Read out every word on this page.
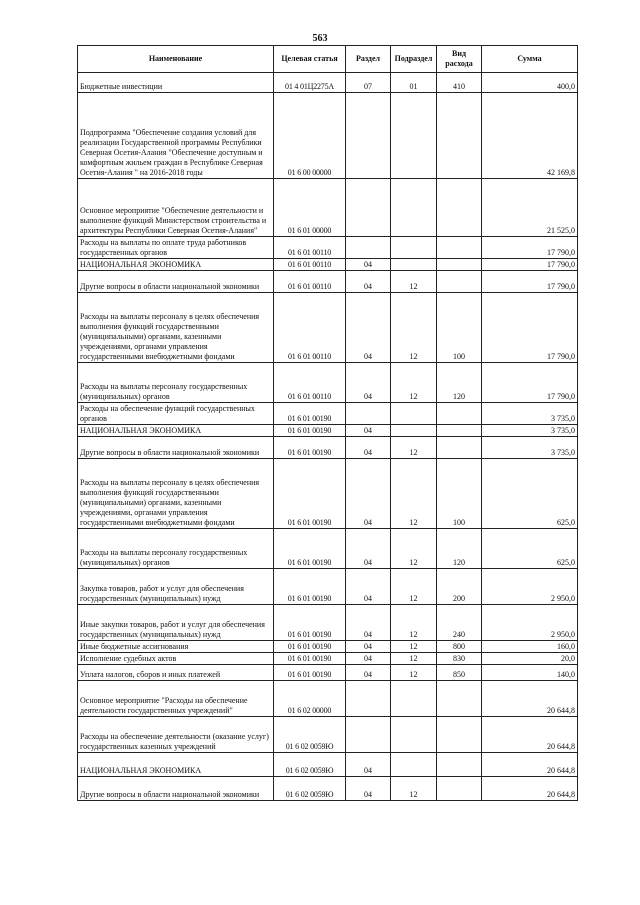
563
Наименование	Целевая статья	Раздел	Подраздел	Вид расхода	Сумма
Бюджетные инвестиции	01 4 01Ц2275А	07	01	410	400,0
Подпрограмма "Обеспечение создания условий для реализации Государственной программы Республики Северная Осетия-Алания "Обеспечение доступным и комфортным жильем граждан в Республике Северная Осетия-Алания " на 2016-2018 годы	01 6 00 00000				42 169,8
Основное мероприятие "Обеспечение деятельности и выполнение функций Министерством строительства и архитектуры Республики Северная Осетия-Алания"	01 6 01 00000				21 525,0
Расходы на выплаты по оплате труда работников государственных органов	01 6 01 00110				17 790,0
НАЦИОНАЛЬНАЯ ЭКОНОМИКА	01 6 01 00110	04			17 790,0
Другие вопросы в области национальной экономики	01 6 01 00110	04	12		17 790,0
Расходы на выплаты персоналу в целях обеспечения выполнения функций государственными (муниципальными) органами, казенными учреждениями, органами управления государственными внебюджетными фондами	01 6 01 00110	04	12	100	17 790,0
Расходы на выплаты персоналу государственных (муниципальных) органов	01 6 01 00110	04	12	120	17 790,0
Расходы на обеспечение функций государственных органов	01 6 01 00190				3 735,0
НАЦИОНАЛЬНАЯ ЭКОНОМИКА	01 6 01 00190	04			3 735,0
Другие вопросы в области национальной экономики	01 6 01 00190	04	12		3 735,0
Расходы на выплаты персоналу в целях обеспечения выполнения функций государственными (муниципальными) органами, казенными учреждениями, органами управления государственными внебюджетными фондами	01 6 01 00190	04	12	100	625,0
Расходы на выплаты персоналу государственных (муниципальных) органов	01 6 01 00190	04	12	120	625,0
Закупка товаров, работ и услуг для обеспечения государственных (муниципальных) нужд	01 6 01 00190	04	12	200	2 950,0
Иные закупки товаров, работ и услуг для обеспечения государственных (муниципальных) нужд	01 6 01 00190	04	12	240	2 950,0
Иные бюджетные ассигнования	01 6 01 00190	04	12	800	160,0
Исполнение судебных актов	01 6 01 00190	04	12	830	20,0
Уплата налогов, сборов и иных платежей	01 6 01 00190	04	12	850	140,0
Основное мероприятие "Расходы на обеспечение деятельности государственных учреждений"	01 6 02 00000				20 644,8
Расходы на обеспечение деятельности (оказание услуг) государственных казенных учреждений	01 6 02 0059Ю				20 644,8
НАЦИОНАЛЬНАЯ ЭКОНОМИКА	01 6 02 0059Ю	04			20 644,8
Другие вопросы в области национальной экономики	01 6 02 0059Ю	04	12		20 644,8
